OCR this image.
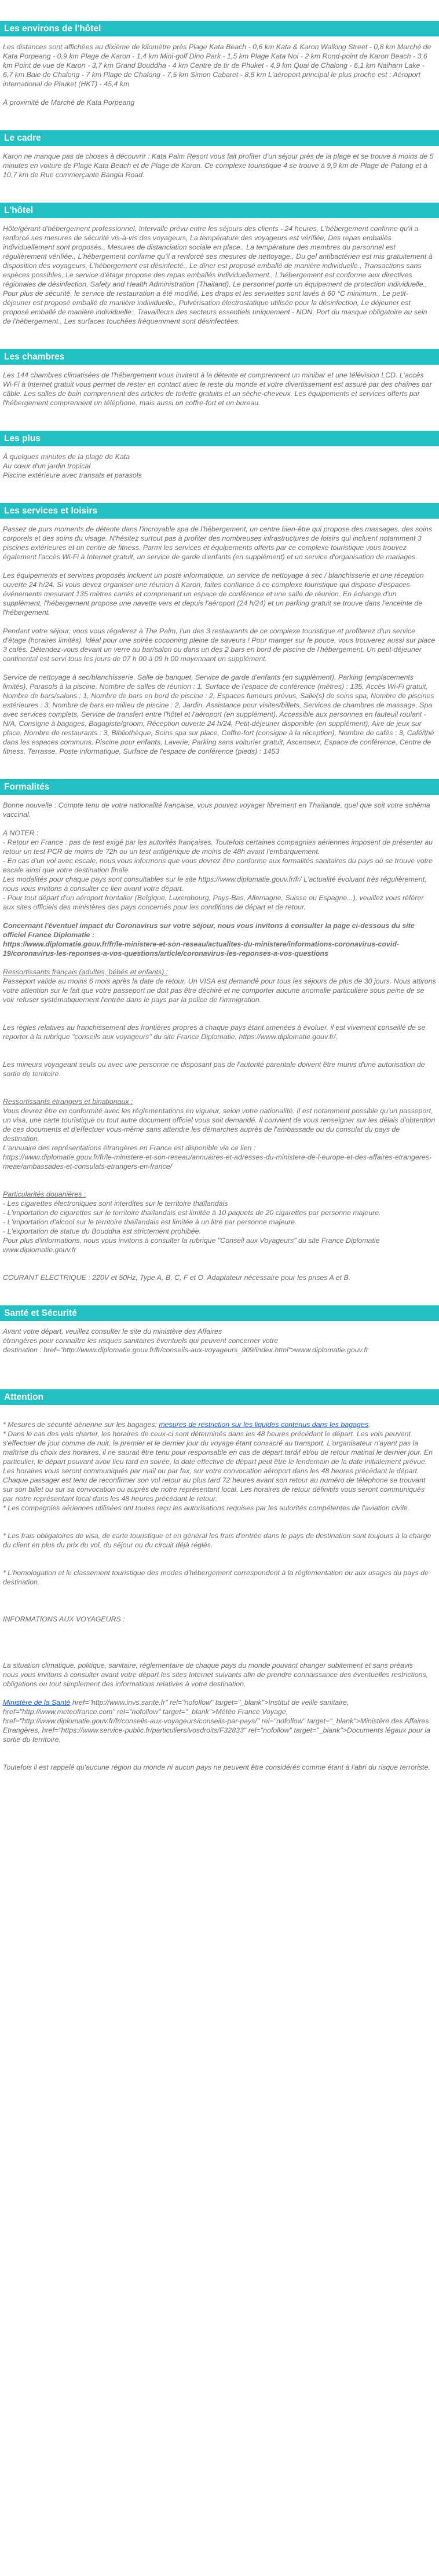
Les environs de l'hôtel

Les distances sont affichées au dixième de kilomètre près Plage Kata Beach - 0,6 km Kata & Karon Walking Street - 0,8 km Marché de Kata Porpeang - 0,9 km Plage de Karon - 1,4 km Mini-golf Dino Park - 1,5 km Plage Kata Noi - 2 km Rond-point de Karon Beach - 3,6 km Point de vue de Karon - 3,7 km Grand Bouddha - 4 km Centre de tir de Phuket - 4,9 km Quai de Chalong - 6,1 km Naiharn Lake - 6,7 km Baie de Chalong - 7 km Plage de Chalong - 7,5 km Simon Cabaret - 8,5 km L'aéroport principal le plus proche est : Aéroport international de Phuket (HKT) - 45,4 km

À proximité de Marché de Kata Porpeang

Le cadre

Karon ne manque pas de choses à découvrir : Kata Palm Resort vous fait profiter d'un séjour près de la plage et se trouve à moins de 5 minutes en voiture de Plage Kata Beach et de Plage de Karon. Ce complexe touristique 4 se trouve à 9,9 km de Plage de Patong et à 10,7 km de Rue commerçante Bangla Road.

L'hôtel

Hôte/gérant d'hébergement professionnel, Intervalle prévu entre les séjours des clients - 24 heures, L'hébergement confirme qu'il a renforcé ses mesures de sécurité vis-à-vis des voyageurs, La température des voyageurs est vérifiée, Des repas emballés individuellement sont proposés., Mesures de distanciation sociale en place., La température des membres du personnel est régulièrement vérifiée., L'hébergement confirme qu'il a renforcé ses mesures de nettoyage., Du gel antibactérien est mis gratuitement à disposition des voyageurs, L'hébergement est désinfecté., Le dîner est proposé emballé de manière individuelle., Transactions sans espèces possibles, Le service d'étage propose des repas emballés individuellement., L'hébergement est conforme aux directives régionales de désinfection, Safety and Health Administration (Thailand), Le personnel porte un équipement de protection individuelle., Pour plus de sécurité, le service de restauration a été modifié, Les draps et les serviettes sont lavés à 60 °C minimum., Le petit-déjeuner est proposé emballé de manière individuelle., Pulvérisation électrostatique utilisée pour la désinfection, Le déjeuner est proposé emballé de manière individuelle., Travailleurs des secteurs essentiels uniquement - NON, Port du masque obligatoire au sein de l'hébergement., Les surfaces touchées fréquemment sont désinfectées.

Les chambres

Les 144 chambres climatisées de l'hébergement vous invitent à la détente et comprennent un minibar et une télévision LCD. L'accès Wi-Fi à Internet gratuit vous permet de rester en contact avec le reste du monde et votre divertissement est assuré par des chaînes par câble. Les salles de bain comprennent des articles de toilette gratuits et un sèche-cheveux. Les équipements et services offerts par l'hébergement comprennent un téléphone, mais aussi un coffre-fort et un bureau.

Les plus

À quelques minutes de la plage de Kata

Au cœur d'un jardin tropical

Piscine extérieure avec transats et parasols

Les services et loisirs

Passez de purs moments de détente dans l'incroyable spa de l'hébergement, un centre bien-être qui propose des massages, des soins corporels et des soins du visage. N'hésitez surtout pas à profiter des nombreuses infrastructures de loisirs qui incluent notamment 3 piscines extérieures et un centre de fitness. Parmi les services et équipements offerts par ce complexe touristique vous trouvez également l'accès Wi-Fi à Internet gratuit, un service de garde d'enfants (en supplément) et un service d'organisation de mariages.

Les équipements et services proposés incluent un poste informatique, un service de nettoyage à sec / blanchisserie et une réception ouverte 24 h/24. Si vous devez organiser une réunion à Karon, faites confiance à ce complexe touristique qui dispose d'espaces événements mesurant 135 mètres carrés et comprenant un espace de conférence et une salle de réunion. En échange d'un supplément, l'hébergement propose une navette vers et depuis l'aéroport (24 h/24) et un parking gratuit se trouve dans l'enceinte de l'hébergement.

Pendant votre séjour, vous vous régalerez à The Palm, l'un des 3 restaurants de ce complexe touristique et profiterez d'un service d'étage (horaires limités). Idéal pour une soirée cocooning pleine de saveurs ! Pour manger sur le pouce, vous trouverez aussi sur place 3 cafés. Détendez-vous devant un verre au bar/salon ou dans un des 2 bars en bord de piscine de l'hébergement. Un petit-déjeuner continental est servi tous les jours de 07 h 00 à 09 h 00 moyennant un supplément.

Service de nettoyage à sec/blanchisserie, Salle de banquet, Service de garde d'enfants (en supplément), Parking (emplacements limités), Parasols à la piscine, Nombre de salles de réunion : 1, Surface de l'espace de conférence (mètres) : 135, Accès Wi-Fi gratuit, Nombre de bars/salons : 1, Nombre de bars en bord de piscine : 2, Espaces fumeurs prévus, Salle(s) de soins spa, Nombre de piscines extérieures : 3, Nombre de bars en milieu de piscine : 2, Jardin, Assistance pour visites/billets, Services de chambres de massage, Spa avec services complets, Service de transfert entre l'hôtel et l'aéroport (en supplément), Accessible aux personnes en fauteuil roulant - N/A, Consigne à bagages, Bagagiste/groom, Réception ouverte 24 h/24, Petit-déjeuner disponible (en supplément), Aire de jeux sur place, Nombre de restaurants : 3, Bibliothèque, Soins spa sur place, Coffre-fort (consigne à la réception), Nombre de cafés : 3, Café/thé dans les espaces communs, Piscine pour enfants, Laverie, Parking sans voiturier gratuit, Ascenseur, Espace de conférence, Centre de fitness, Terrasse, Poste informatique, Surface de l'espace de conférence (pieds) : 1453

Formalités

Bonne nouvelle : Compte tenu de votre nationalité française, vous pouvez voyager librement en Thaïlande, quel que soit votre schéma vaccinal.

A NOTER :

- Retour en France : pas de test exigé par les autorités françaises. Toutefois certaines compagnies aériennes imposent de présenter au retour un test PCR de moins de 72h ou un test antigénique de moins de 48h avant l'embarquement.

- En cas d'un vol avec escale, nous vous informons que vous devrez être conforme aux formalités sanitaires du pays où se trouve votre escale ainsi que votre destination finale.

Les modalités pour chaque pays sont consultables sur le site https://www.diplomatie.gouv.fr/fr/ L'actualité évoluant très régulièrement, nous vous invitons à consulter ce lien avant votre départ.

- Pour tout départ d'un aéroport frontalier (Belgique, Luxembourg, Pays-Bas, Allemagne, Suisse ou Espagne...), veuillez vous référer aux sites officiels des ministères des pays concernés pour les conditions de départ et de retour.

Concernant l'éventuel impact du Coronavirus sur votre séjour, nous vous invitons à consulter la page ci-dessous du site officiel France Diplomatie :

https://www.diplomatie.gouv.fr/fr/le-ministere-et-son-reseau/actualites-du-ministere/informations-coronavirus-covid-19/coronavirus-les-reponses-a-vos-questions/article/coronavirus-les-reponses-a-vos-questions

Ressortissants français (adultes, bébés et enfants) :

Passeport valide au moins 6 mois après la date de retour. Un VISA est demandé pour tous les séjours de plus de 30 jours. Nous attirons votre attention sur le fait que votre passeport ne doit pas être déchiré et ne comporter aucune anomalie particulière sous peine de se voir refuser systématiquement l'entrée dans le pays par la police de l'immigration.

Les règles relatives au franchissement des frontières propres à chaque pays étant amenées à évoluer, il est vivement conseillé de se reporter à la rubrique "conseils aux voyageurs" du site France Diplomatie, https://www.diplomatie.gouv.fr/.

Les mineurs voyageant seuls ou avec une personne ne disposant pas de l'autorité parentale doivent être munis d'une autorisation de sortie de territoire.

Ressortissants étrangers et binationaux :

Vous devrez être en conformité avec les réglementations en vigueur, selon votre nationalité. Il est notamment possible qu'un passeport, un visa, une carte touristique ou tout autre document officiel vous soit demandé. Il convient de vous renseigner sur les délais d'obtention de ces documents et d'effectuer vous-même sans attendre les démarches auprès de l'ambassade ou du consulat du pays de destination.

L'annuaire des représentations étrangères en France est disponible via ce lien :

https://www.diplomatie.gouv.fr/fr/le-ministere-et-son-reseau/annuaires-et-adresses-du-ministere-de-l-europe-et-des-affaires-etrangeres-meae/ambassades-et-consulats-etrangers-en-france/

Particularités douanières :

- Les cigarettes électroniques sont interdites sur le territoire thaïlandais

- L'importation de cigarettes sur le territoire thaïlandais est limitée à 10 paquets de 20 cigarettes par personne majeure.

- L'importation d'alcool sur le territoire thaïlandais est limitée à un litre par personne majeure.

- L'exportation de statue du Bouddha est strictement prohibée.

Pour plus d'informations, nous vous invitons à consulter la rubrique "Conseil aux Voyageurs" du site France Diplomatie www.diplomatie.gouv.fr

COURANT ELECTRIQUE : 220V et 50Hz, Type A, B, C, F et O. Adaptateur nécessaire pour les prises A et B.

Santé et Sécurité

Avant votre départ, veuillez consulter le site du ministère des Affaires

étrangères pour connaître les risques sanitaires éventuels qui peuvent concerner votre

destination : href="http://www.diplomatie.gouv.fr/fr/conseils-aux-voyageurs_909/index.html">www.diplomatie.gouv.fr

Attention

* Mesures de sécurité aérienne sur les bagages: mesures de restriction sur les liquides contenus dans les bagages.

* Dans le cas des vols charter, les horaires de ceux-ci sont déterminés dans les 48 heures précédant le départ. Les vols peuvent s'effectuer de jour comme de nuit, le premier et le dernier jour du voyage étant consacré au transport. L'organisateur n'ayant pas la maîtrise du choix des horaires, il ne saurait être tenu pour responsable en cas de départ tardif et/ou de retour matinal le dernier jour. En particulier, le départ pouvant avoir lieu tard en soirée, la date effective de départ peut être le lendemain de la date initialement prévue. Les horaires vous seront communiqués par mail ou par fax, sur votre convocation aéroport dans les 48 heures précédant le départ. Chaque passager est tenu de reconfirmer son vol retour au plus tard 72 heures avant son retour au numéro de téléphone se trouvant sur son billet ou sur sa convocation ou auprès de notre représentant local. Les horaires de retour définitifs vous seront communiqués par notre représentant local dans les 48 heures précédant le retour.

* Les compagnies aériennes utilisées ont toutes reçu les autorisations requises par les autorités compétentes de l'aviation civile.

* Les frais obligatoires de visa, de carte touristique et en général les frais d'entrée dans le pays de destination sont toujours à la charge du client en plus du prix du vol, du séjour ou du circuit déjà réglés.

* L'homologation et le classement touristique des modes d'hébergement correspondent à la réglementation ou aux usages du pays de destination.

INFORMATIONS AUX VOYAGEURS :

La situation climatique, politique, sanitaire, réglementaire de chaque pays du monde pouvant changer subitement et sans préavis

nous vous invitons à consulter avant votre départ les sites Internet suivants afin de prendre connaissance des éventuelles restrictions, obligations ou tout simplement des informations relatives à votre destination.

Ministère de la Santé href="http://www.invs.sante.fr" rel="nofollow" target="_blank">Institut de veille sanitaire, href="http://www.meteofrance.com" rel="nofollow" target="_blank">Météo France Voyage, href="http://www.diplomatie.gouv.fr/fr/conseils-aux-voyageurs/conseils-par-pays/" rel="nofollow" target="_blank">Ministère des Affaires Etrangères, href="https://www.service-public.fr/particuliers/vosdroits/F32833" rel="nofollow" target="_blank">Documents légaux pour la sortie du territoire.

Toutefois il est rappelé qu'aucune région du monde ni aucun pays ne peuvent être considérés comme étant à l'abri du risque terroriste.
